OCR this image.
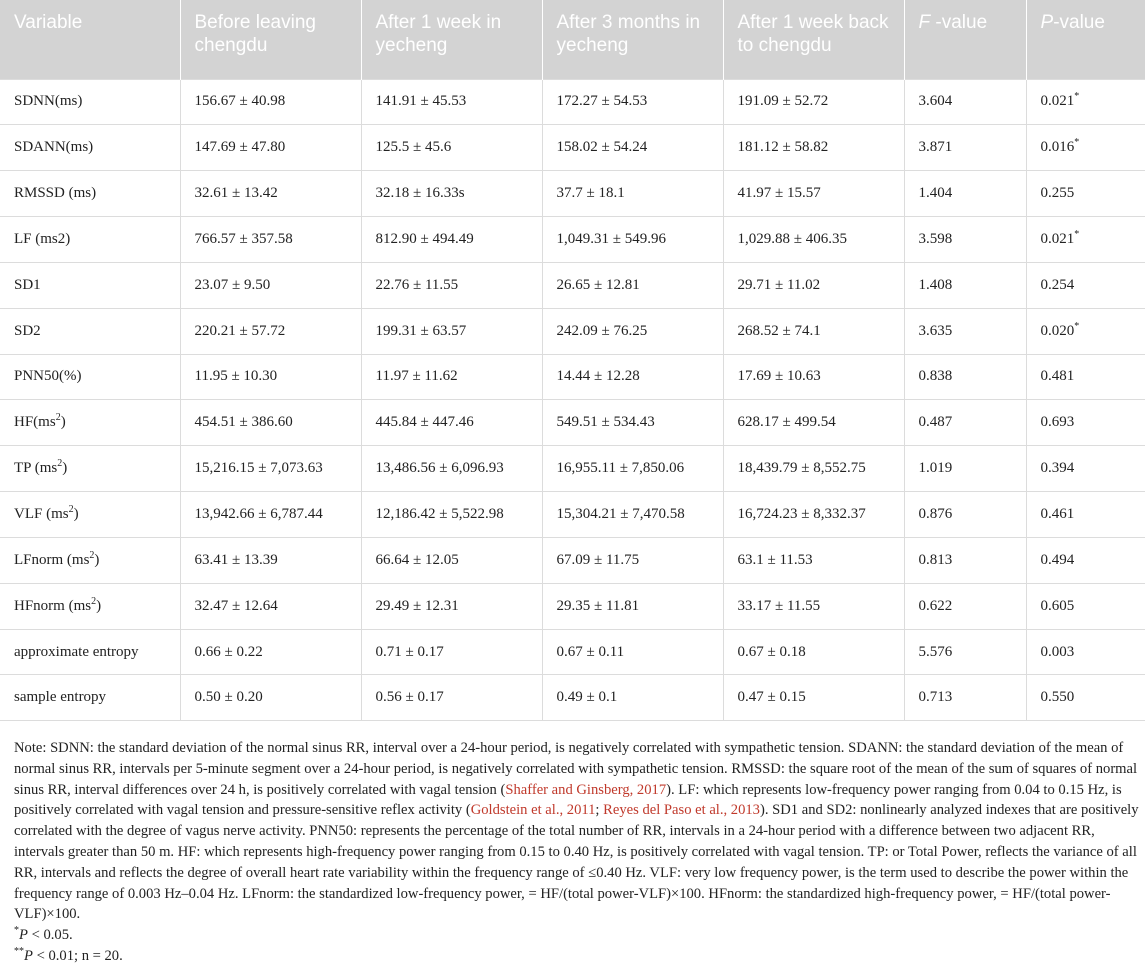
Variable	Before leaving chengdu	After 1 week in yecheng	After 3 months in yecheng	After 1 week back to chengdu	F -value	P-value
SDNN(ms)	156.67 ± 40.98	141.91 ± 45.53	172.27 ± 54.53	191.09 ± 52.72	3.604	0.021*
SDANN(ms)	147.69 ± 47.80	125.5 ± 45.6	158.02 ± 54.24	181.12 ± 58.82	3.871	0.016*
RMSSD (ms)	32.61 ± 13.42	32.18 ± 16.33s	37.7 ± 18.1	41.97 ± 15.57	1.404	0.255
LF (ms2)	766.57 ± 357.58	812.90 ± 494.49	1,049.31 ± 549.96	1,029.88 ± 406.35	3.598	0.021*
SD1	23.07 ± 9.50	22.76 ± 11.55	26.65 ± 12.81	29.71 ± 11.02	1.408	0.254
SD2	220.21 ± 57.72	199.31 ± 63.57	242.09 ± 76.25	268.52 ± 74.1	3.635	0.020*
PNN50(%)	11.95 ± 10.30	11.97 ± 11.62	14.44 ± 12.28	17.69 ± 10.63	0.838	0.481
$HF(ms^2)$	454.51 ± 386.60	445.84 ± 447.46	549.51 ± 534.43	628.17 ± 499.54	0.487	0.693
TP $(ms^2)$	15,216.15 ± 7,073.63	13,486.56 ± 6,096.93	16,955.11 ± 7,850.06	18,439.79 ± 8,552.75	1.019	0.394
VLF $(ms^2)$	13,942.66 ± 6,787.44	12,186.42 ± 5,522.98	15,304.21 ± 7,470.58	16,724.23 ± 8,332.37	0.876	0.461
LFnorm $(ms^2)$	63.41 ± 13.39	66.64 ± 12.05	67.09 ± 11.75	63.1 ± 11.53	0.813	0.494
HFnorm $(ms^2)$	32.47 ± 12.64	29.49 ± 12.31	29.35 ± 11.81	33.17 ± 11.55	0.622	0.605
approximate entropy	0.66 ± 0.22	0.71 ± 0.17	0.67 ± 0.11	0.67 ± 0.18	5.576	0.003
sample entropy	0.50 ± 0.20	0.56 ± 0.17	0.49 ± 0.1	0.47 ± 0.15	0.713	0.550

Note: SDNN: the standard deviation of the normal sinus RR, interval over a 24-hour period, is negatively correlated with sympathetic tension. SDANN: the standard deviation of the mean of normal sinus RR, intervals per 5-minute segment over a 24-hour period, is negatively correlated with sympathetic tension. RMSSD: the square root of the mean of the sum of squares of normal sinus RR, interval differences over 24 h, is positively correlated with vagal tension (Shaffer and Ginsberg, 2017). LF: which represents low-frequency power ranging from 0.04 to 0.15 Hz, is positively correlated with vagal tension and pressure-sensitive reflex activity (Goldstein et al., 2011; Reyes del Paso et al., 2013). SD1 and SD2: nonlinearly analyzed indexes that are positively correlated with the degree of vagus nerve activity. PNN50: represents the percentage of the total number of RR, intervals in a 24-hour period with a difference between two adjacent RR, intervals greater than 50 m. HF: which represents high-frequency power ranging from 0.15 to 0.40 Hz, is positively correlated with vagal tension. TP: or Total Power, reflects the variance of all RR, intervals and reflects the degree of overall heart rate variability within the frequency range of ≤0.40 Hz. VLF: very low frequency power, is the term used to describe the power within the frequency range of 0.003 Hz–0.04 Hz. LFnorm: the standardized low-frequency power, = HF/(total power-VLF)×100. HFnorm: the standardized high-frequency power, = HF/(total power-VLF)×100.

*P < 0.05.

**P < 0.01; n = 20.
